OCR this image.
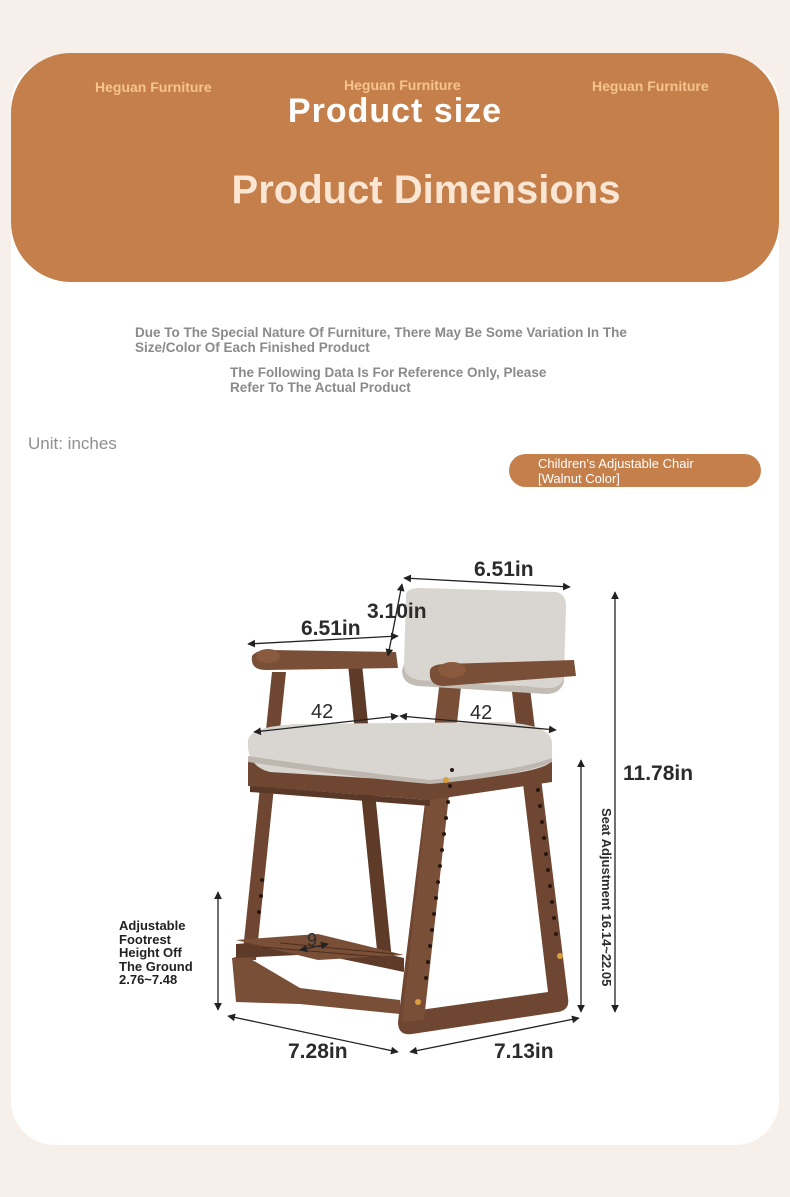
Heguan Furniture	Heguan Furniture	Heguan Furniture
Product size
Product Dimensions
Due To The Special Nature Of Furniture, There May Be Some Variation In The
Size/Color Of Each Finished Product
The Following Data Is For Reference Only, Please
Refer To The Actual Product
Unit: inches
Children's Adjustable Chair
[Walnut Color]
6.51in
3.10in
6.51in
42	42
11.78in
Seat Adjustment 16.14~22.05
9
7.28in	7.13in
Adjustable
Footrest
Height Off
The Ground
2.76~7.48
